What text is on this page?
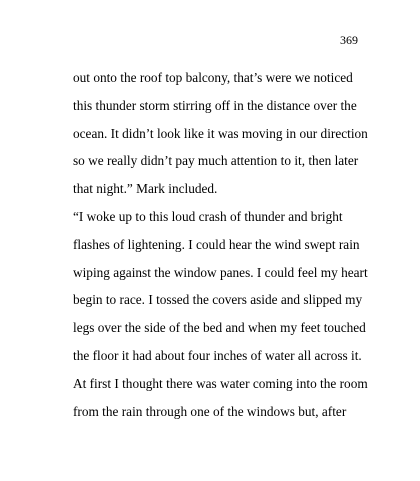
369
out onto the roof top balcony, that’s were we noticed
this thunder storm stirring off in the distance over the
ocean. It didn’t look like it was moving in our direction
so we really didn’t pay much attention to it, then later
that night.” Mark included.
“I woke up to this loud crash of thunder and bright
flashes of lightening. I could hear the wind swept rain
wiping against the window panes. I could feel my heart
begin to race. I tossed the covers aside and slipped my
legs over the side of the bed and when my feet touched
the floor it had about four inches of water all across it.
At first I thought there was water coming into the room
from the rain through one of the windows but, after
